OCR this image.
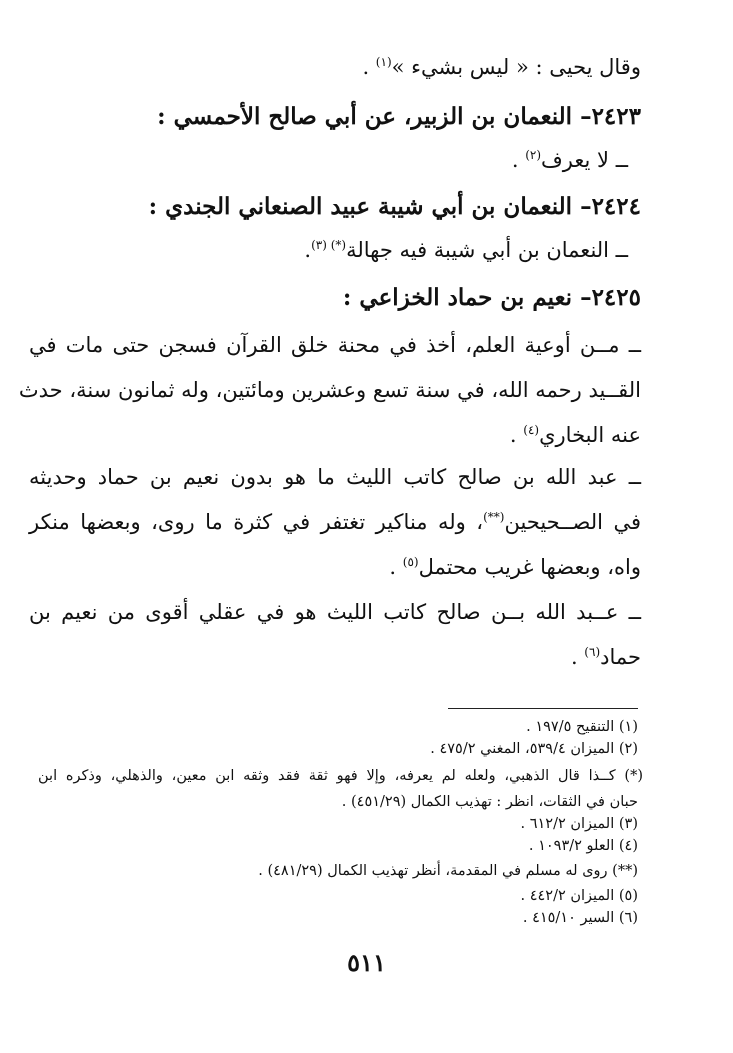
وقال يحيى : « ليس بشيء »$^{(١)}$ .
٢٤٢٣– النعمان بن الزبير، عن أبي صالح الأحمسي :
ــ لا يعرف$^{(٢)}$ .
٢٤٢٤– النعمان بن أبي شيبة عبيد الصنعاني الجندي :
ــ النعمان بن أبي شيبة فيه جهالة$^{(*) (٣)}$.
٢٤٢٥– نعيم بن حماد الخزاعي :
ــ مــن أوعية العلم، أخذ في محنة خلق القرآن فسجن حتى مات في
القــيد رحمه الله، في سنة تسع وعشرين ومائتين، وله ثمانون سنة، حدث
عنه البخاري$^{(٤)}$ .
ــ عبد الله بن صالح كاتب الليث ما هو بدون نعيم بن حماد وحديثه
في الصــحيحين(**)، وله مناكير تغتفر في كثرة ما روى، وبعضها منكر
واه، وبعضها غريب محتمل$^{(٥)}$ .
ــ عــبد الله بــن صالح كاتب الليث هو في عقلي أقوى من نعيم بن
حماد$^{(٦)}$ .
(١) التنقيح ١٩٧/٥ .
(٢) الميزان ٥٣٩/٤، المغني ٤٧٥/٢ .
(*) كــذا قال الذهبي، ولعله لم يعرفه، وإلا فهو ثقة فقد وثقه ابن معين، والذهلي، وذكره ابن
حبان في الثقات، انظر : تهذيب الكمال (٤٥١/٢٩) .
(٣) الميزان ٦١٢/٢ .
(٤) العلو ١٠٩٣/٢ .
(**) روى له مسلم في المقدمة، أنظر تهذيب الكمال (٤٨١/٢٩) .
(٥) الميزان ٤٤٢/٢ .
(٦) السير ٤١٥/١٠ .
٥١١
